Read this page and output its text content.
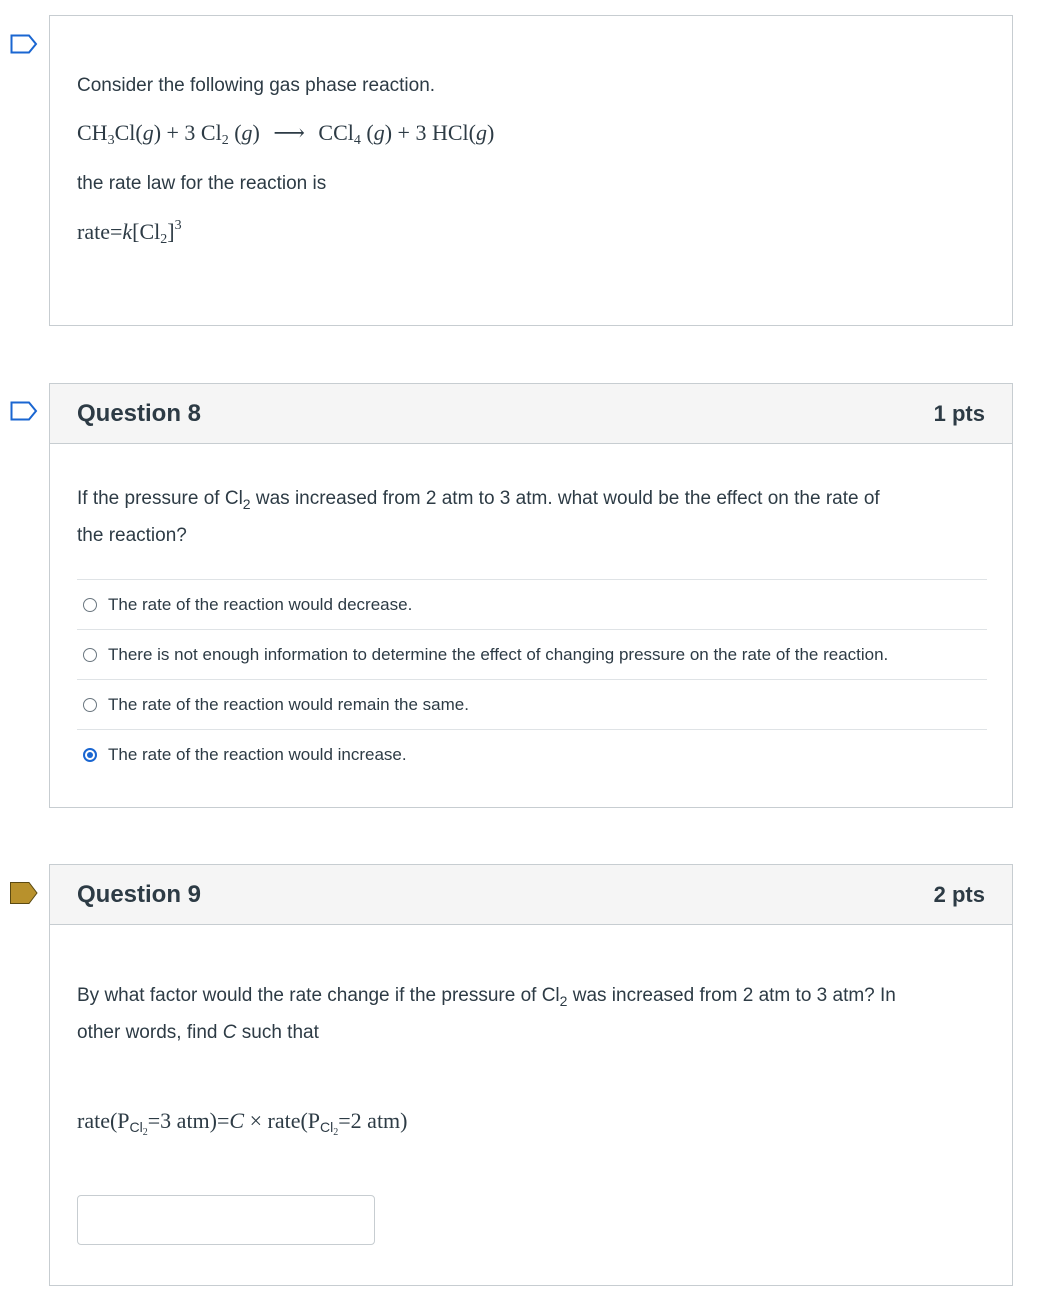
Consider the following gas phase reaction.
$CH_3Cl(g) + 3$ $Cl_2$ (g) ⟶ CCl$_4$ (g) + 3 HCl(g)
the rate law for the reaction is
$rate=k[Cl_2]^3$
Question 8	1 pts
If the pressure of $Cl_2$ was increased from 2 atm to 3 atm. what would be the effect on the rate of
the reaction?
The rate of the reaction would decrease.
There is not enough information to determine the effect of changing pressure on the rate of the reaction.
The rate of the reaction would remain the same.
The rate of the reaction would increase.
Question 9	2 pts
By what factor would the rate change if the pressure of $Cl_2$ was increased from 2 atm to 3 atm? In
other words, find C such that
$rate(P_{Cl_2}=3$ $atm)=C \times rate(P_{Cl_2}=2$ atm)
